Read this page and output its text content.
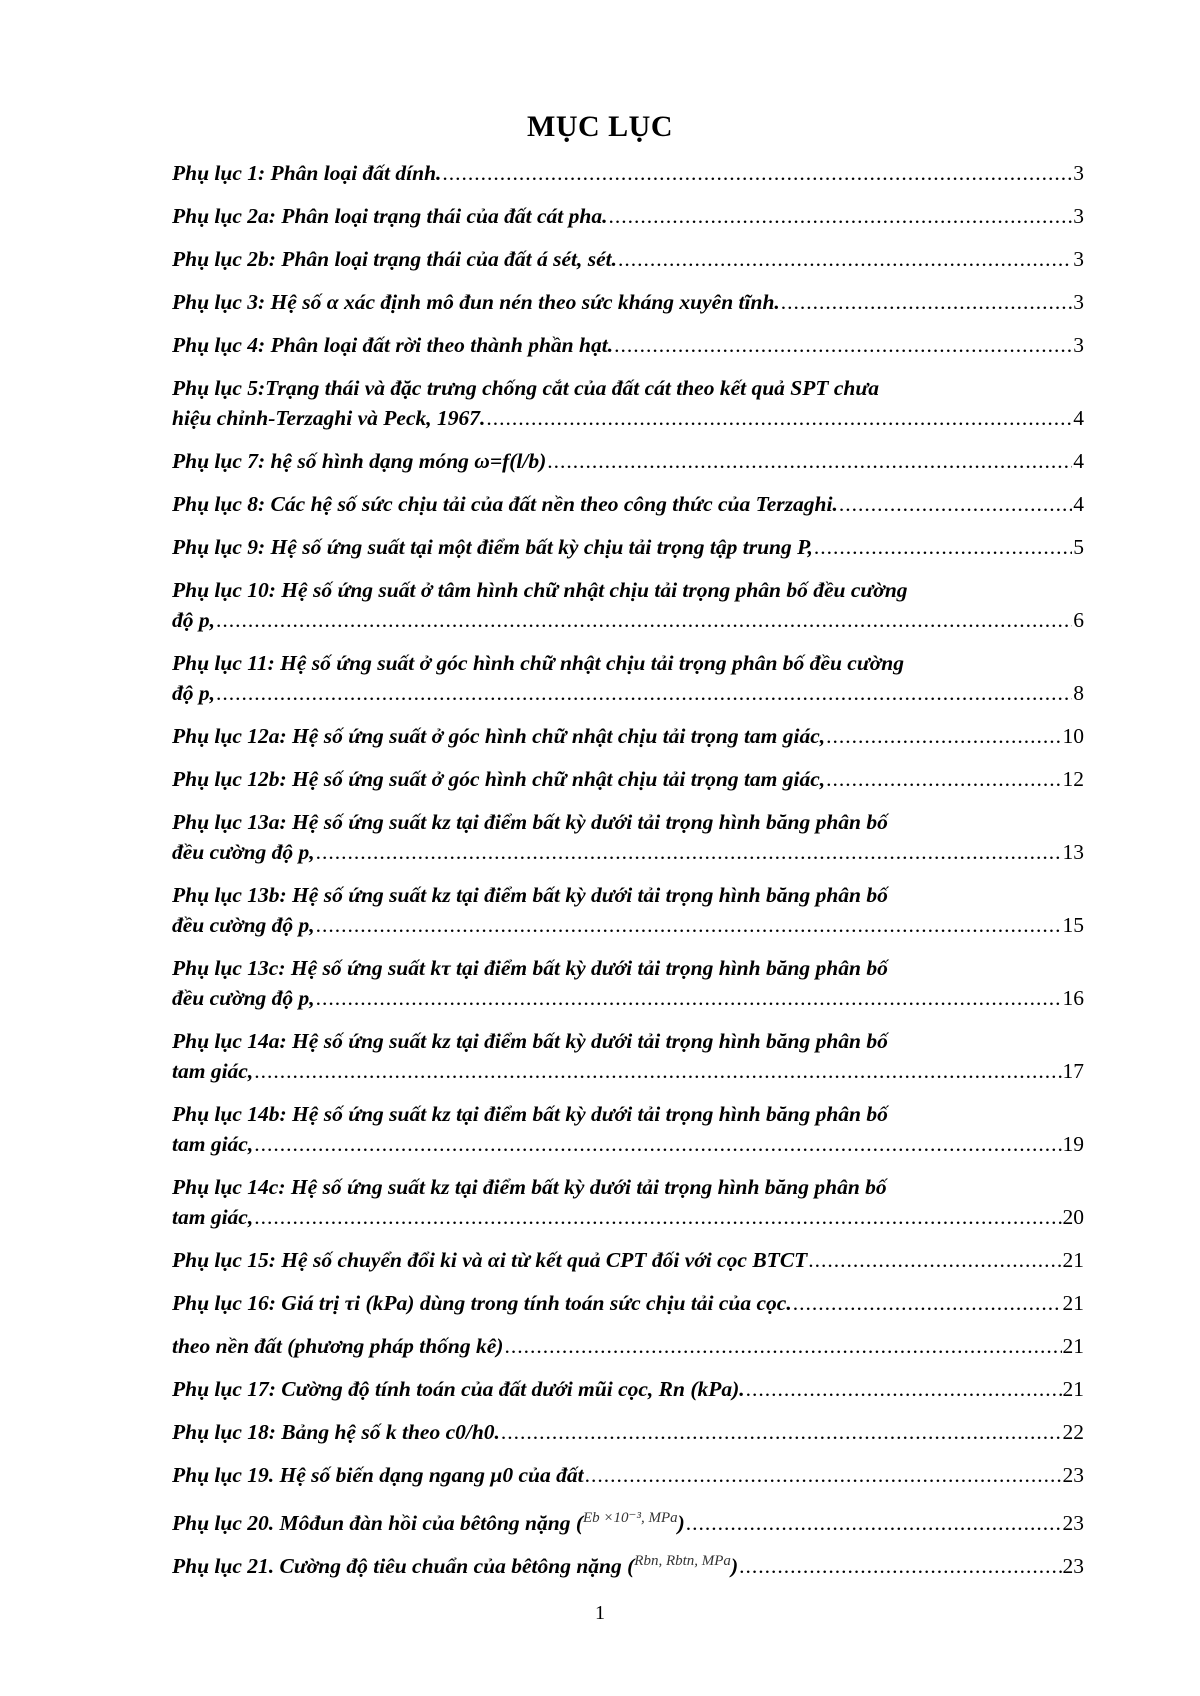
MỤC LỤC
Phụ lục 1: Phân loại đất dính. .....	3
Phụ lục 2a: Phân loại trạng thái của đất cát pha. .....	3
Phụ lục 2b: Phân loại trạng thái của đất á sét, sét. .....	3
Phụ lục 3: Hệ số α xác định mô đun nén theo sức kháng xuyên tĩnh. .....	3
Phụ lục 4: Phân loại đất rời theo thành phần hạt. .....	3
Phụ lục 5:Trạng thái và đặc trưng chống cắt của đất cát theo kết quả SPT chưa
hiệu chỉnh-Terzaghi và Peck, 1967. .....	4
Phụ lục 7: hệ số hình dạng móng ω=f(l/b) .....	4
Phụ lục 8: Các hệ số sức chịu tải của đất nền theo công thức của Terzaghi. .....	4
Phụ lục 9: Hệ số ứng suất tại một điểm bất kỳ chịu tải trọng tập trung P, .....	5
Phụ lục 10: Hệ số ứng suất ở tâm hình chữ nhật chịu tải trọng phân bố đều cường
độ p, .....	6
Phụ lục 11: Hệ số ứng suất ở góc hình chữ nhật chịu tải trọng phân bố đều cường
độ p, .....	8
Phụ lục 12a: Hệ số ứng suất ở góc hình chữ nhật chịu tải trọng tam giác, .....	10
Phụ lục 12b: Hệ số ứng suất ở góc hình chữ nhật chịu tải trọng tam giác, .....	12
Phụ lục 13a: Hệ số ứng suất kz tại điểm bất kỳ dưới tải trọng hình băng phân bố
đều cường độ p, .....	13
Phụ lục 13b: Hệ số ứng suất kz tại điểm bất kỳ dưới tải trọng hình băng phân bố
đều cường độ p, .....	15
Phụ lục 13c: Hệ số ứng suất kτ tại điểm bất kỳ dưới tải trọng hình băng phân bố
đều cường độ p, .....	16
Phụ lục 14a: Hệ số ứng suất kz tại điểm bất kỳ dưới tải trọng hình băng phân bố
tam giác, .....	17
Phụ lục 14b: Hệ số ứng suất kz tại điểm bất kỳ dưới tải trọng hình băng phân bố
tam giác, .....	19
Phụ lục 14c: Hệ số ứng suất kz tại điểm bất kỳ dưới tải trọng hình băng phân bố
tam giác, .....	20
Phụ lục 15: Hệ số chuyển đổi ki và αi từ kết quả CPT đối với cọc BTCT .....	21
Phụ lục 16: Giá trị τi (kPa) dùng trong tính toán sức chịu tải của cọc. .....	21
theo nền đất (phương pháp thống kê) .....	21
Phụ lục 17: Cường độ tính toán của đất dưới mũi cọc, Rn (kPa). .....	21
Phụ lục 18: Bảng hệ số k theo c0/h0. .....	22
Phụ lục 19. Hệ số biến dạng ngang μ0 của đất .....	23
Phụ lục 20. Môđun đàn hồi của bêtông nặng ($^{Eb \times 10^{-3}, MPa}$) .....	23
Phụ lục 21. Cường độ tiêu chuẩn của bêtông nặng ($^{Rbn, Rbtn, MPa}$) .....	23
1
